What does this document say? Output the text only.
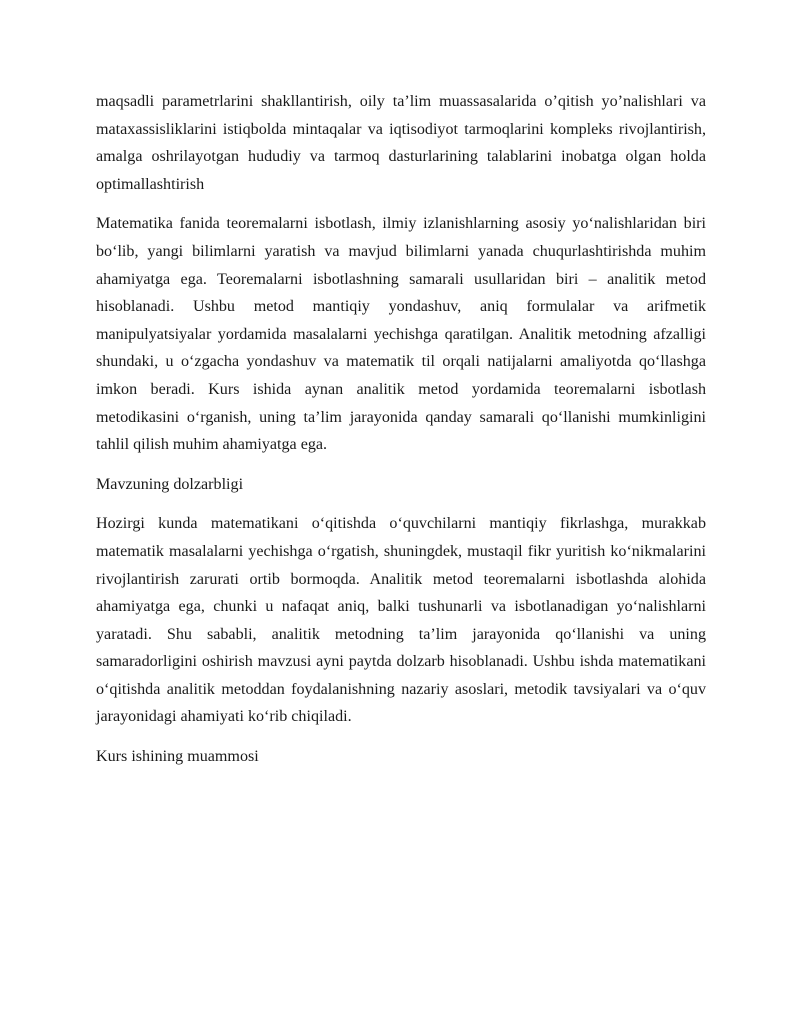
maqsadli parametrlarini shakllantirish, oily taʼlim muassasalarida oʼqitish yoʼnalishlari va mataxassisliklarini istiqbolda mintaqalar va iqtisodiyot tarmoqlarini kompleks rivojlantirish, amalga oshrilayotgan hududiy va tarmoq dasturlarining talablarini inobatga olgan holda optimallashtirish

Matematika fanida teoremalarni isbotlash, ilmiy izlanishlarning asosiy yoʻnalishlaridan biri boʻlib, yangi bilimlarni yaratish va mavjud bilimlarni yanada chuqurlashtirishda muhim ahamiyatga ega. Teoremalarni isbotlashning samarali usullaridan biri – analitik metod hisoblanadi. Ushbu metod mantiqiy yondashuv, aniq formulalar va arifmetik manipulyatsiyalar yordamida masalalarni yechishga qaratilgan. Analitik metodning afzalligi shundaki, u oʻzgacha yondashuv va matematik til orqali natijalarni amaliyotda qoʻllashga imkon beradi. Kurs ishida aynan analitik metod yordamida teoremalarni isbotlash metodikasini oʻrganish, uning taʼlim jarayonida qanday samarali qoʻllanishi mumkinligini tahlil qilish muhim ahamiyatga ega.

Mavzuning dolzarbligi

Hozirgi kunda matematikani oʻqitishda oʻquvchilarni mantiqiy fikrlashga, murakkab matematik masalalarni yechishga oʻrgatish, shuningdek, mustaqil fikr yuritish koʻnikmalarini rivojlantirish zarurati ortib bormoqda. Analitik metod teoremalarni isbotlashda alohida ahamiyatga ega, chunki u nafaqat aniq, balki tushunarli va isbotlanadigan yoʻnalishlarni yaratadi. Shu sababli, analitik metodning taʼlim jarayonida qoʻllanishi va uning samaradorligini oshirish mavzusi ayni paytda dolzarb hisoblanadi. Ushbu ishda matematikani oʻqitishda analitik metoddan foydalanishning nazariy asoslari, metodik tavsiyalari va oʻquv jarayonidagi ahamiyati koʻrib chiqiladi.

Kurs ishining muammosi
